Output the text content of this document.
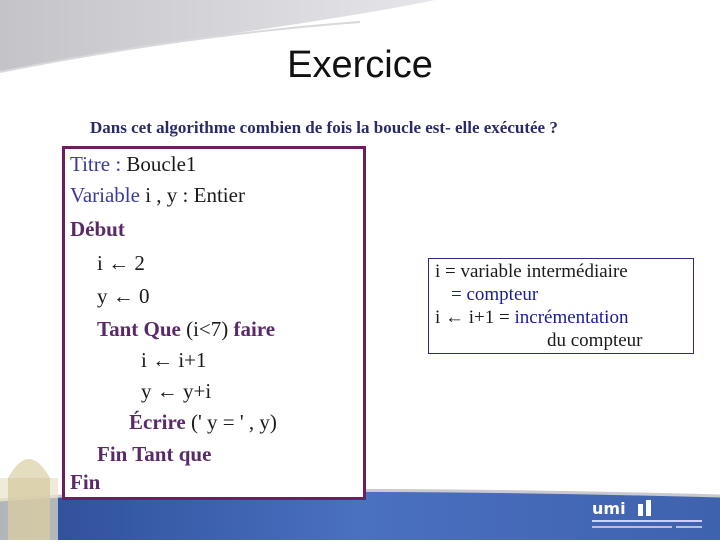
Exercice
Dans cet algorithme combien de fois la boucle est- elle exécutée ?
Titre : Boucle1
Variable i , y : Entier
Début
i ← 2
y ← 0
Tant Que (i<7) faire
i ← i+1
y ← y+i
Écrire (' y = ' , y)
Fin Tant que
Fin
i = variable intermédiaire
= compteur
i ← i+1 = incrémentation
du compteur
umi
